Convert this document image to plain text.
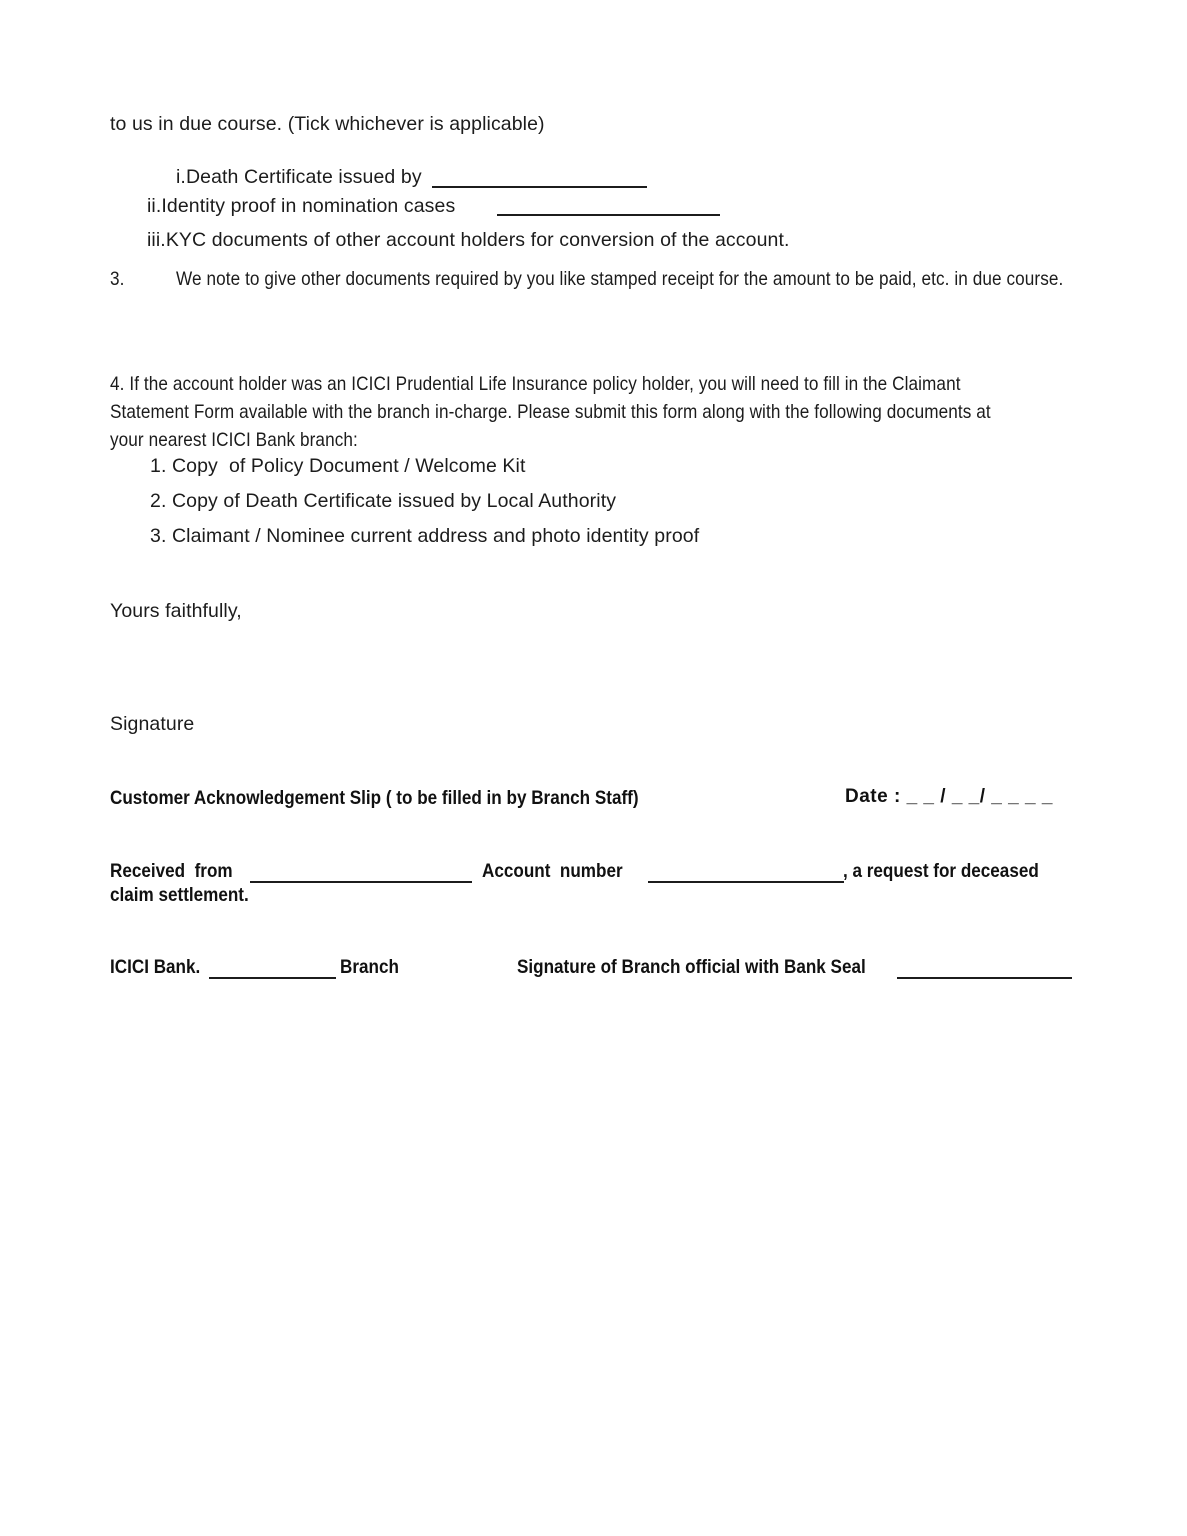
to us in due course. (Tick whichever is applicable)
i.Death Certificate issued by
ii.Identity proof in nomination cases
iii.KYC documents of other account holders for conversion of the account.
3.	We note to give other documents required by you like stamped receipt for the amount to be paid, etc. in due course.
4. If the account holder was an ICICI Prudential Life Insurance policy holder, you will need to fill in the Claimant Statement Form available with the branch in-charge. Please submit this form along with the following documents at your nearest ICICI Bank branch:
1. Copy  of Policy Document / Welcome Kit
2. Copy of Death Certificate issued by Local Authority
3. Claimant / Nominee current address and photo identity proof
Yours faithfully,
Signature
Customer Acknowledgement Slip ( to be filled in by Branch Staff)	Date : _ _ / _ _/ _ _ _ _
Received  from	Account  number	, a request for deceased
claim settlement.
ICICI Bank.	Branch	Signature of Branch official with Bank Seal
